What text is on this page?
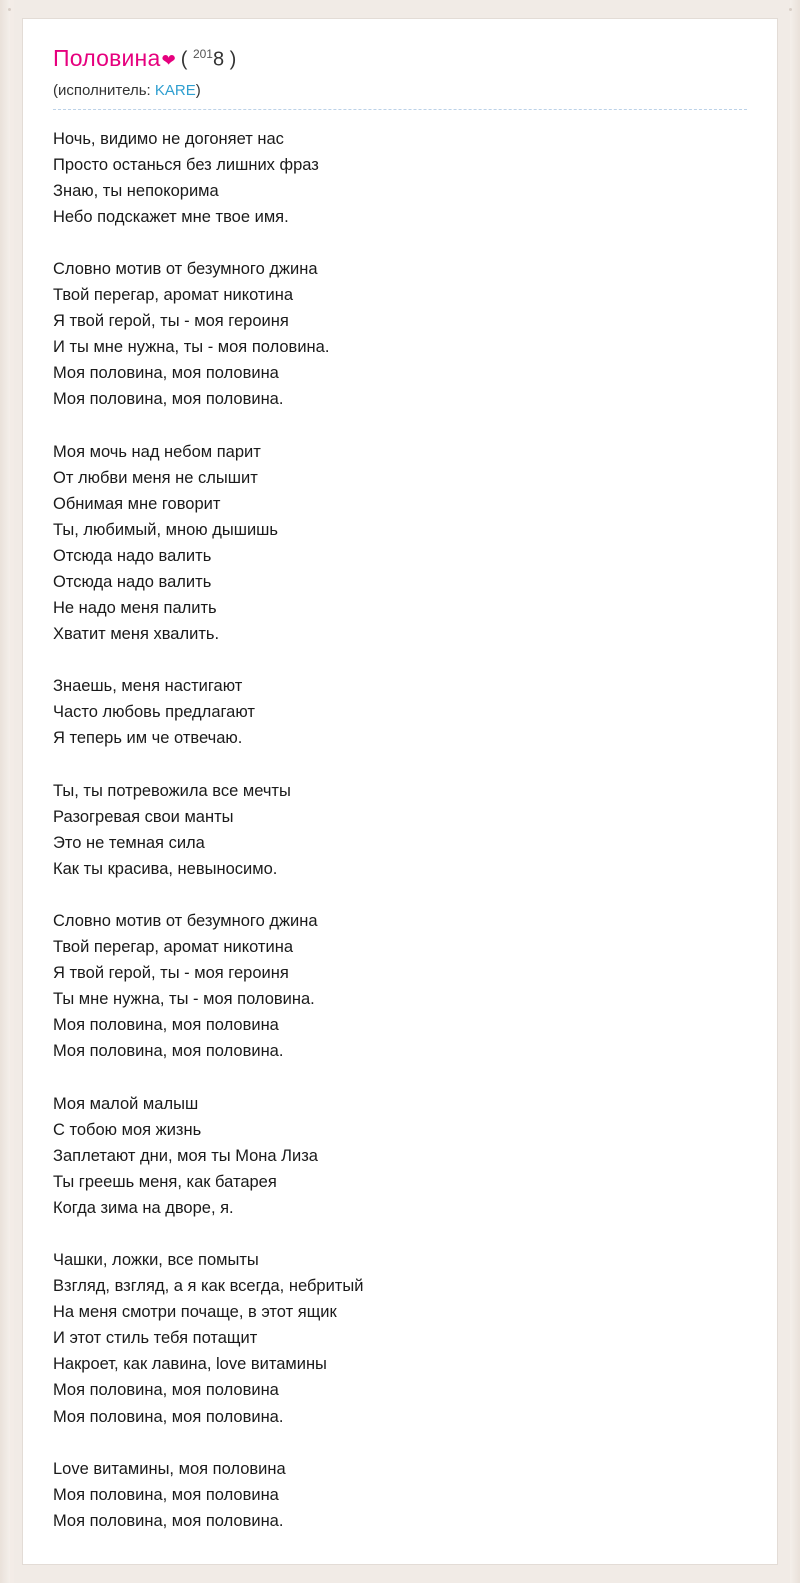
Половина ❤ ( $^{201}$8 )
(исполнитель: KARE)

Ночь, видимо не догоняет нас
Просто останься без лишних фраз
Знаю, ты непокорима
Небо подскажет мне твое имя.

Словно мотив от безумного джина
Твой перегар, аромат никотина
Я твой герой, ты - моя героиня
И ты мне нужна, ты - моя половина.
Моя половина, моя половина
Моя половина, моя половина.

Моя мочь над небом парит
От любви меня не слышит
Обнимая мне говорит
Ты, любимый, мною дышишь
Отсюда надо валить
Отсюда надо валить
Не надо меня палить
Хватит меня хвалить.

Знаешь, меня настигают
Часто любовь предлагают
Я теперь им че отвечаю.

Ты, ты потревожила все мечты
Разогревая свои манты
Это не темная сила
Как ты красива, невыносимо.

Словно мотив от безумного джина
Твой перегар, аромат никотина
Я твой герой, ты - моя героиня
Ты мне нужна, ты - моя половина.
Моя половина, моя половина
Моя половина, моя половина.

Моя малой малыш
С тобою моя жизнь
Заплетают дни, моя ты Мона Лиза
Ты греешь меня, как батарея
Когда зима на дворе, я.

Чашки, ложки, все помыты
Взгляд, взгляд, а я как всегда, небритый
На меня смотри почаще, в этот ящик
И этот стиль тебя потащит
Накроет, как лавина, love витамины
Моя половина, моя половина
Моя половина, моя половина.

Love витамины, моя половина
Моя половина, моя половина
Моя половина, моя половина.
